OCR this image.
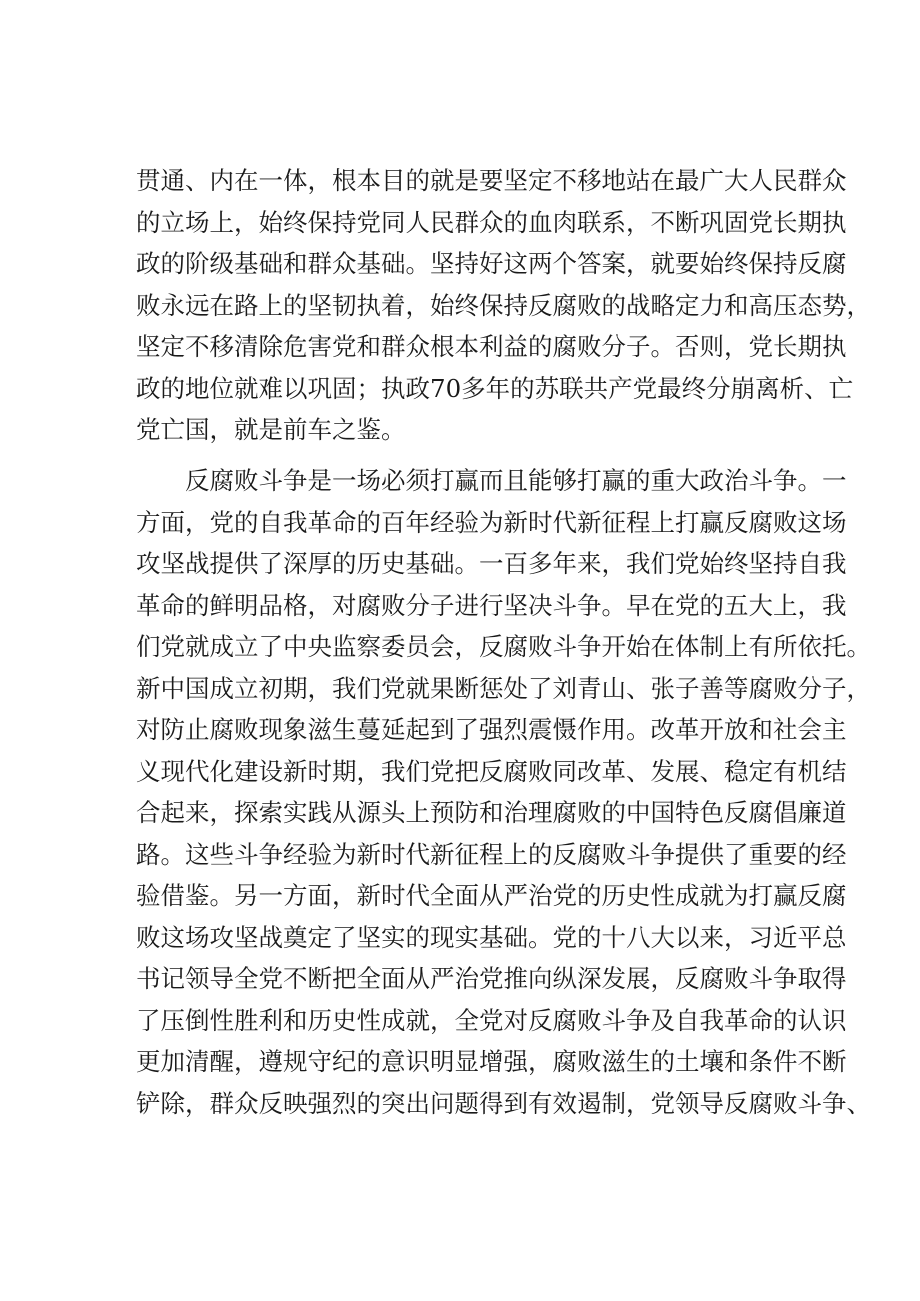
贯通、内在一体，根本目的就是要坚定不移地站在最广大人民群众
的立场上，始终保持党同人民群众的血肉联系，不断巩固党长期执
政的阶级基础和群众基础。坚持好这两个答案，就要始终保持反腐
败永远在路上的坚韧执着，始终保持反腐败的战略定力和高压态势，
坚定不移清除危害党和群众根本利益的腐败分子。否则，党长期执
政的地位就难以巩固；执政70多年的苏联共产党最终分崩离析、亡
党亡国，就是前车之鉴。
反腐败斗争是一场必须打赢而且能够打赢的重大政治斗争。一
方面，党的自我革命的百年经验为新时代新征程上打赢反腐败这场
攻坚战提供了深厚的历史基础。一百多年来，我们党始终坚持自我
革命的鲜明品格，对腐败分子进行坚决斗争。早在党的五大上，我
们党就成立了中央监察委员会，反腐败斗争开始在体制上有所依托。
新中国成立初期，我们党就果断惩处了刘青山、张子善等腐败分子，
对防止腐败现象滋生蔓延起到了强烈震慑作用。改革开放和社会主
义现代化建设新时期，我们党把反腐败同改革、发展、稳定有机结
合起来，探索实践从源头上预防和治理腐败的中国特色反腐倡廉道
路。这些斗争经验为新时代新征程上的反腐败斗争提供了重要的经
验借鉴。另一方面，新时代全面从严治党的历史性成就为打赢反腐
败这场攻坚战奠定了坚实的现实基础。党的十八大以来，习近平总
书记领导全党不断把全面从严治党推向纵深发展，反腐败斗争取得
了压倒性胜利和历史性成就，全党对反腐败斗争及自我革命的认识
更加清醒，遵规守纪的意识明显增强，腐败滋生的土壤和条件不断
铲除，群众反映强烈的突出问题得到有效遏制，党领导反腐败斗争、
